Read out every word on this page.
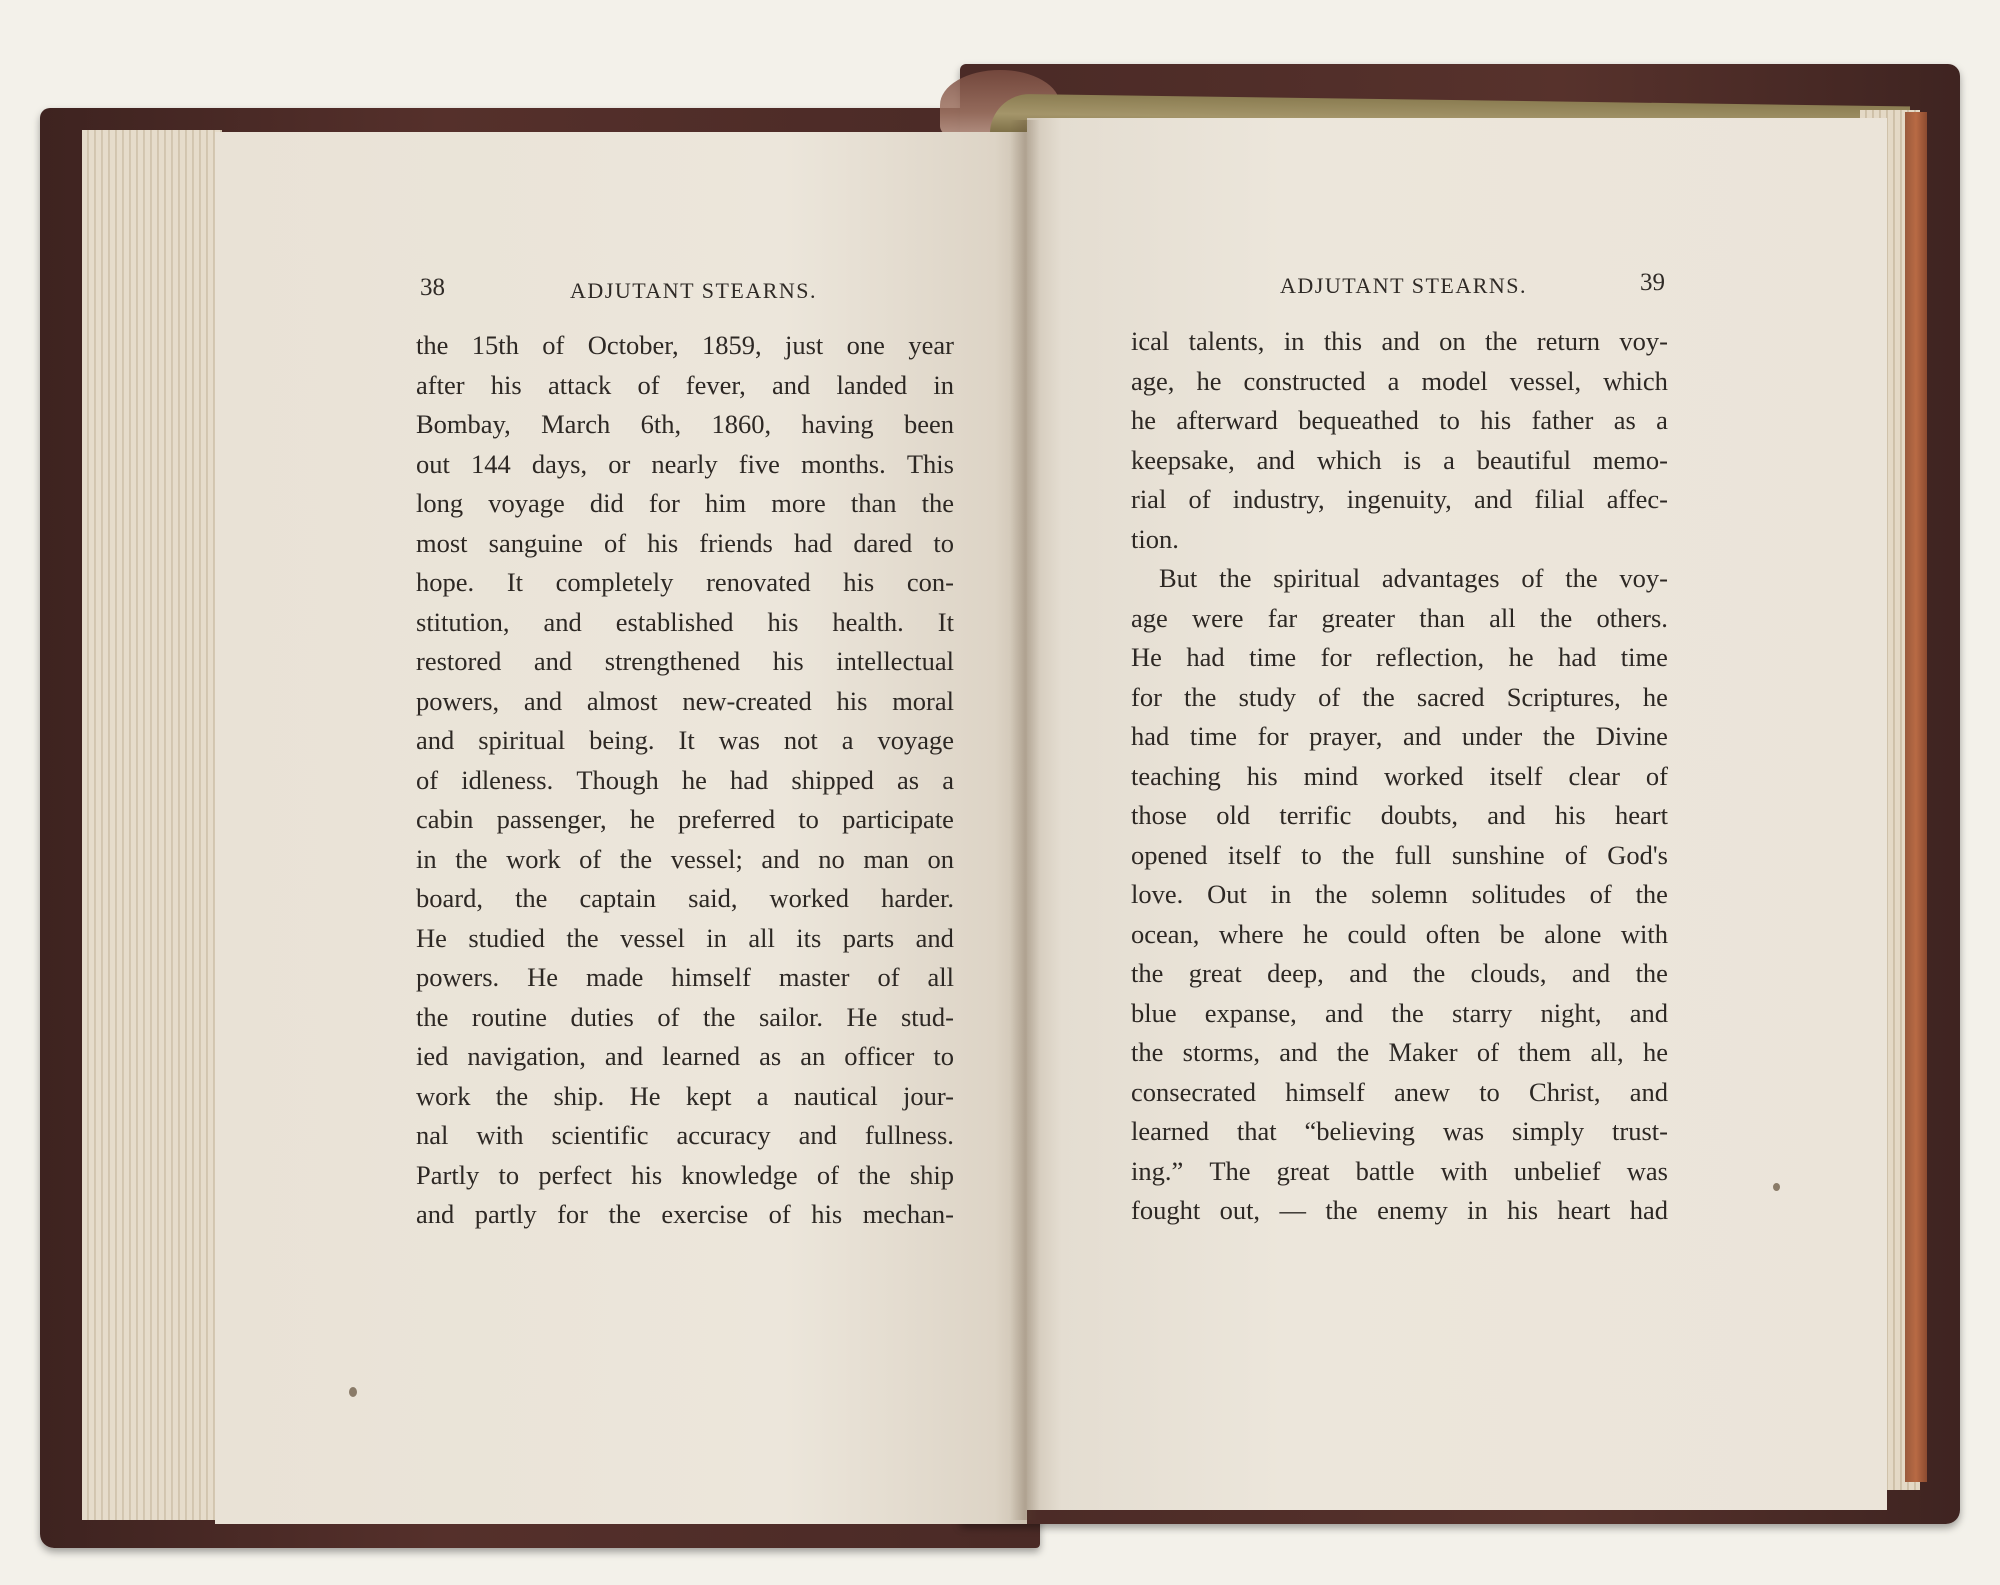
38	ADJUTANT STEARNS.	ADJUTANT STEARNS.	39
the 15th of October, 1859, just one year
after his attack of fever, and landed in
Bombay, March 6th, 1860, having been
out 144 days, or nearly five months. This
long voyage did for him more than the
most sanguine of his friends had dared to
hope. It completely renovated his con-
stitution, and established his health. It
restored and strengthened his intellectual
powers, and almost new-created his moral
and spiritual being. It was not a voyage
of idleness. Though he had shipped as a
cabin passenger, he preferred to participate
in the work of the vessel; and no man on
board, the captain said, worked harder.
He studied the vessel in all its parts and
powers. He made himself master of all
the routine duties of the sailor. He stud-
ied navigation, and learned as an officer to
work the ship. He kept a nautical jour-
nal with scientific accuracy and fullness.
Partly to perfect his knowledge of the ship
and partly for the exercise of his mechan-
ical talents, in this and on the return voy-
age, he constructed a model vessel, which
he afterward bequeathed to his father as a
keepsake, and which is a beautiful memo-
rial of industry, ingenuity, and filial affec-
tion.
But the spiritual advantages of the voy-
age were far greater than all the others.
He had time for reflection, he had time
for the study of the sacred Scriptures, he
had time for prayer, and under the Divine
teaching his mind worked itself clear of
those old terrific doubts, and his heart
opened itself to the full sunshine of God's
love. Out in the solemn solitudes of the
ocean, where he could often be alone with
the great deep, and the clouds, and the
blue expanse, and the starry night, and
the storms, and the Maker of them all, he
consecrated himself anew to Christ, and
learned that “believing was simply trust-
ing.” The great battle with unbelief was
fought out, — the enemy in his heart had
